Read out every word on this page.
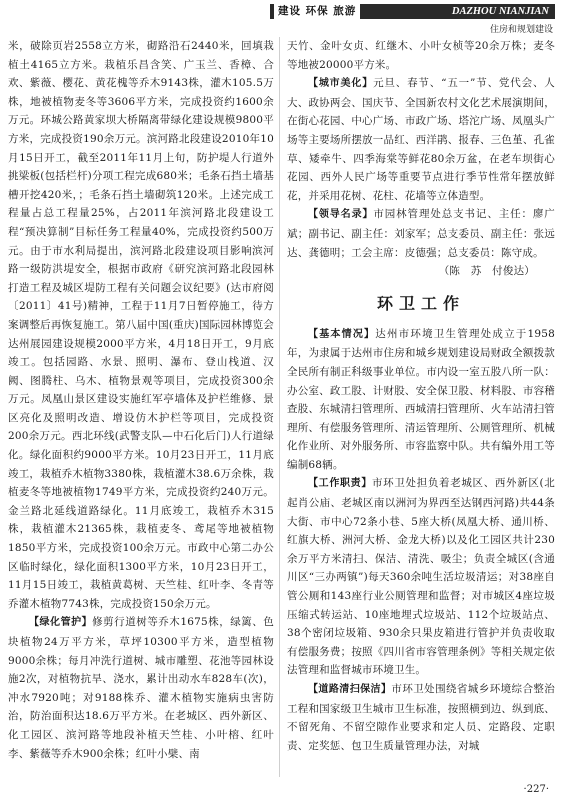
建设 环保 旅游	DAZHOU NIANJIAN
住房和规划建设

米，破除页岩2558立方米，砌路沿石2440米，回填栽植土4165立方米。栽植乐昌含笑、广玉兰、香樟、合欢、紫薇、樱花、黄花槐等乔木9143株，灌木105.5万株，地被植物麦冬等3606平方米，完成投资约1600余万元。环城公路黄家坝大桥隔离带绿化建设规模9800平方米，完成投资190余万元。滨河路北段建设2010年10月15日开工，截至2011年11月上旬，防护堤人行道外挑梁板(包括栏杆)分项工程完成680米；毛条石挡土墙基槽开挖420米，；毛条石挡土墙砌筑120米。上述完成工程量占总工程量25%，占2011年滨河路北段建设工程“预决算制”目标任务工程量40%，完成投资约500万元。由于市水利局提出，滨河路北段建设项目影响滨河路一级防洪堤安全，根据市政府《研究滨河路北段园林打造工程及城区堤防工程有关问题会议纪要》(达市府阅〔2011〕41号)精神，工程于11月7日暂停施工，待方案调整后再恢复施工。第八届中国(重庆)国际园林博览会达州展园建设规模2000平方米，4月18日开工，9月底竣工。包括园路、水景、照明、瀑布、登山栈道、汉阙、图腾柱、乌木、植物景观等项目，完成投资300余万元。凤凰山景区建设实施红军亭墙体及护栏维修、景区亮化及照明改造、增设仿木护栏等项目，完成投资200余万元。西北环线(武警支队—中石化后门)人行道绿化。绿化面积约9000平方米。10月23日开工，11月底竣工，栽植乔木植物3380株，栽植灌木38.6万余株，栽植麦冬等地被植物1749平方米，完成投资约240万元。金兰路北延线道路绿化。11月底竣工，栽植乔木315株，栽植灌木21365株，栽植麦冬、鸢尾等地被植物1850平方米，完成投资100余万元。市政中心第二办公区临时绿化，绿化面积1300平方米，10月23日开工，11月15日竣工，栽植黄葛树、天竺桂、红叶李、冬青等乔灌木植物7743株，完成投资150余万元。

【绿化管护】修剪行道树等乔木1675株，绿篱、色块植物24万平方米，草坪10300平方米，造型植物9000余株；每月冲洗行道树、城市雕塑、花池等园林设施2次，对植物抗旱、浇水，累计出动水车828车(次)，冲水7920吨；对9188株乔、灌木植物实施病虫害防治，防治面积达18.6万平方米。在老城区、西外新区、化工园区、滨河路等地段补植天竺桂、小叶榕、红叶李、紫薇等乔木900余株；红叶小檗、南

天竹、金叶女贞、红继木、小叶女桢等20余万株；麦冬等地被20000平方米。

【城市美化】元旦、春节、“五一”节、党代会、人大、政协两会、国庆节、全国新农村文化艺术展演期间，在街心花园、中心广场、市政广场、塔沱广场、凤凰头广场等主要场所摆放一品红、西洋鹃、报春、三色堇、孔雀草、矮牵牛、四季海棠等鲜花80余万盆，在老车坝街心花园、西外人民广场等重要节点进行季节性常年摆放鲜花，并采用花树、花柱、花墙等立体造型。

【领导名录】市园林管理处总支书记、主任：廖广斌；副书记、副主任：刘家军；总支委员、副主任：张远达、龚德明；工会主席：皮德强；总支委员：陈守成。

（陈　苏　付俊达）

环卫工作

【基本情况】达州市环境卫生管理处成立于1958年，为隶属于达州市住房和城乡规划建设局财政全额拨款全民所有制正科级事业单位。市内设一室五股八所一队：办公室、政工股、计财股、安全保卫股、材料股、市容稽查股、东城清扫管理所、西城清扫管理所、火车站清扫管理所、有偿服务管理所、清运管理所、公厕管理所、机械化作业所、对外服务所、市容监察中队。共有编外用工等编制68辆。

【工作职责】市环卫处担负着老城区、西外新区(北起肖公庙、老城区南以洲河为界西至达钢西河路)共44条大街、市中心72条小巷、5座大桥(凤凰大桥、通川桥、红旗大桥、洲河大桥、金龙大桥)以及化工园区共计230余万平方米清扫、保洁、清洗、吸尘；负责全城区(含通川区“三办两镇”)每天360余吨生活垃圾清运；对38座自管公厕和143座行业公厕管理和监督；对市城区4座垃圾压缩式转运站、10座地埋式垃圾站、112个垃圾站点、38个密闭垃圾箱、930余只果皮箱进行管护并负责收取有偿服务费；按照《四川省市容管理条例》等相关规定依法管理和监督城市环境卫生。

【道路清扫保洁】市环卫处围绕省城乡环境综合整治工程和国家级卫生城市卫生标准，按照横到边、纵到底、不留死角、不留空隙作业要求和定人员、定路段、定职责、定奖惩、包卫生质量管理办法，对城

·227·
